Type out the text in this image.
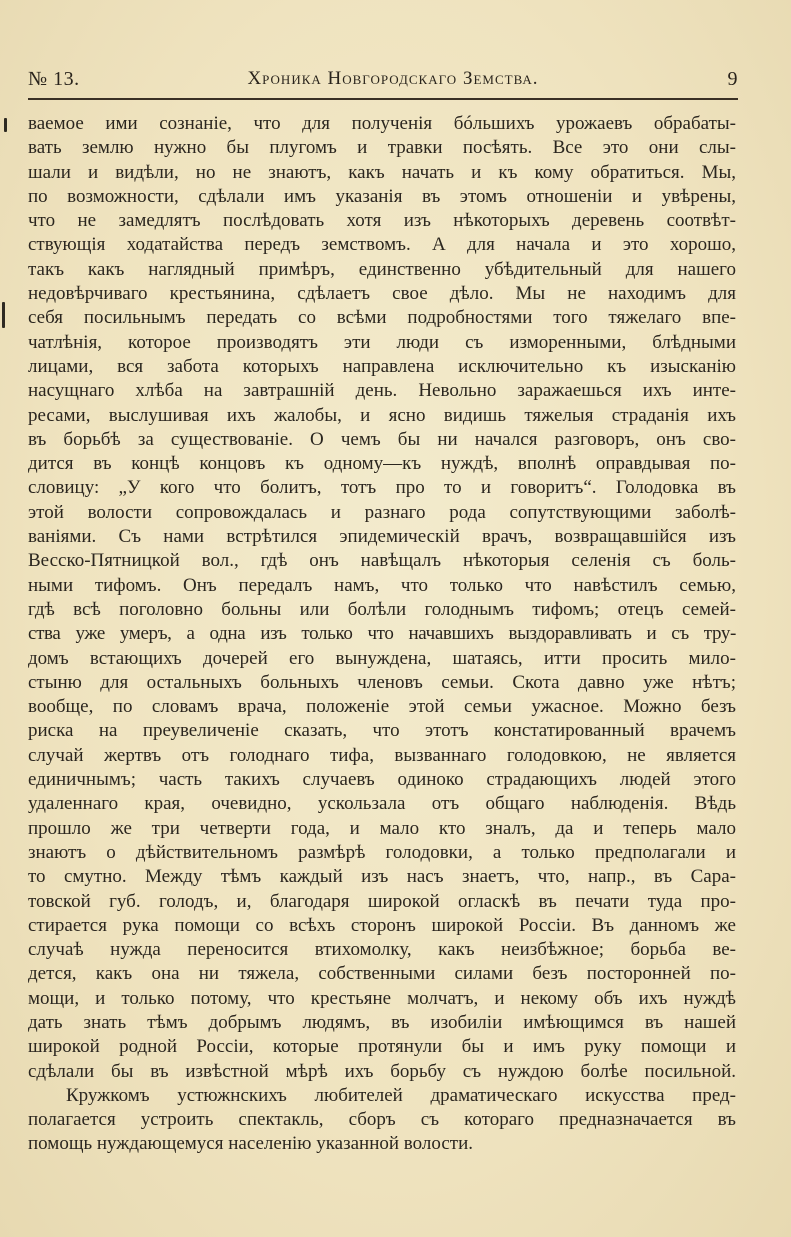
№ 13.	Хроника Новгородскаго Земства.	9
ваемое ими сознаніе, что для полученія бóльшихъ урожаевъ обрабаты-
вать землю нужно бы плугомъ и травки посѣять. Все это они слы-
шали и видѣли, но не знаютъ, какъ начать и къ кому обратиться. Мы,
по возможности, сдѣлали имъ указанія въ этомъ отношеніи и увѣрены,
что не замедлятъ послѣдовать хотя изъ нѣкоторыхъ деревень соотвѣт-
ствующія ходатайства передъ земствомъ. А для начала и это хорошо,
такъ какъ наглядный примѣръ, единственно убѣдительный для нашего
недовѣрчиваго крестьянина, сдѣлаетъ свое дѣло. Мы не находимъ для
себя посильнымъ передать со всѣми подробностями того тяжелаго впе-
чатлѣнія, которое производятъ эти люди съ изморенными, блѣдными
лицами, вся забота которыхъ направлена исключительно къ изысканію
насущнаго хлѣба на завтрашній день. Невольно заражаешься ихъ инте-
ресами, выслушивая ихъ жалобы, и ясно видишь тяжелыя страданія ихъ
въ борьбѣ за существованіе. О чемъ бы ни начался разговоръ, онъ сво-
дится въ концѣ концовъ къ одному—къ нуждѣ, вполнѣ оправдывая по-
словицу: „У кого что болитъ, тотъ про то и говоритъ“. Голодовка въ
этой волости сопровождалась и разнаго рода сопутствующими заболѣ-
ваніями. Съ нами встрѣтился эпидемическій врачъ, возвращавшійся изъ
Весско-Пятницкой вол., гдѣ онъ навѣщалъ нѣкоторыя селенія съ боль-
ными тифомъ. Онъ передалъ намъ, что только что навѣстилъ семью,
гдѣ всѣ поголовно больны или болѣли голоднымъ тифомъ; отецъ семей-
ства уже умеръ, а одна изъ только что начавшихъ выздоравливать и съ тру-
домъ встающихъ дочерей его вынуждена, шатаясь, итти просить мило-
стыню для остальныхъ больныхъ членовъ семьи. Скота давно уже нѣтъ;
вообще, по словамъ врача, положеніе этой семьи ужасное. Можно безъ
риска на преувеличеніе сказать, что этотъ констатированный врачемъ
случай жертвъ отъ голоднаго тифа, вызваннаго голодовкою, не является
единичнымъ; часть такихъ случаевъ одиноко страдающихъ людей этого
удаленнаго края, очевидно, ускользала отъ общаго наблюденія. Вѣдь
прошло же три четверти года, и мало кто зналъ, да и теперь мало
знаютъ о дѣйствительномъ размѣрѣ голодовки, а только предполагали и
то смутно. Между тѣмъ каждый изъ насъ знаетъ, что, напр., въ Сара-
товской губ. голодъ, и, благодаря широкой огласкѣ въ печати туда про-
стирается рука помощи со всѣхъ сторонъ широкой Россіи. Въ данномъ же
случаѣ нужда переносится втихомолку, какъ неизбѣжное; борьба ве-
дется, какъ она ни тяжела, собственными силами безъ посторонней по-
мощи, и только потому, что крестьяне молчатъ, и некому объ ихъ нуждѣ
дать знать тѣмъ добрымъ людямъ, въ изобиліи имѣющимся въ нашей
широкой родной Россіи, которые протянули бы и имъ руку помощи и
сдѣлали бы въ извѣстной мѣрѣ ихъ борьбу съ нуждою болѣе посильной.
Кружкомъ устюжнскихъ любителей драматическаго искусства пред-
полагается устроить спектакль, сборъ съ котораго предназначается въ
помощь нуждающемуся населенію указанной волости.
